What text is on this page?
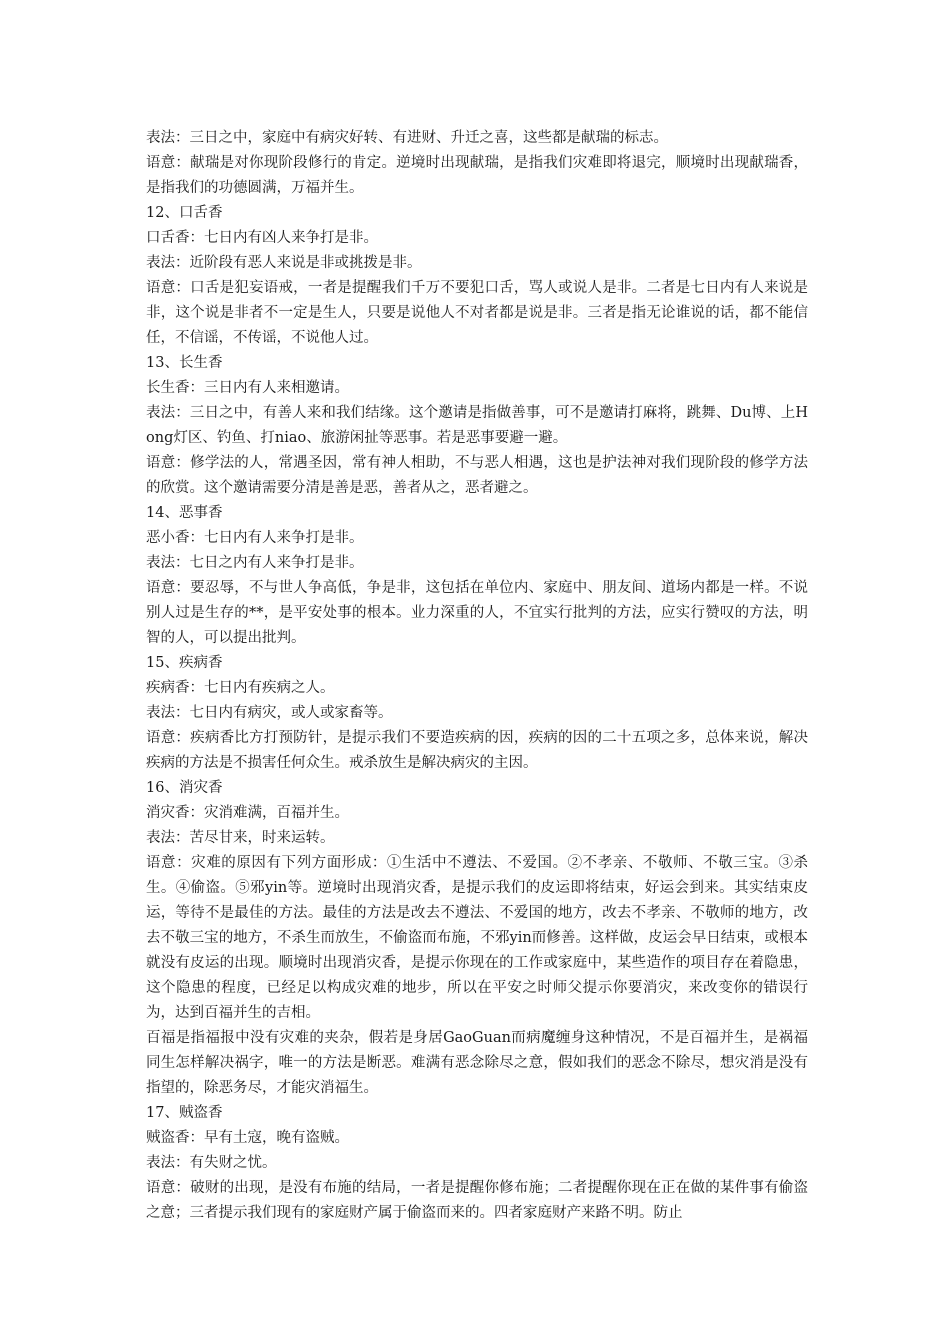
表法：三日之中，家庭中有病灾好转、有进财、升迁之喜，这些都是献瑞的标志。

语意：献瑞是对你现阶段修行的肯定。逆境时出现献瑞，是指我们灾难即将退完，顺境时出现献瑞香，是指我们的功德圆满，万福并生。

12、口舌香

口舌香：七日内有凶人来争打是非。

表法：近阶段有恶人来说是非或挑拨是非。

语意：口舌是犯妄语戒，一者是提醒我们千万不要犯口舌，骂人或说人是非。二者是七日内有人来说是非，这个说是非者不一定是生人，只要是说他人不对者都是说是非。三者是指无论谁说的话，都不能信任，不信谣，不传谣，不说他人过。

13、长生香

长生香：三日内有人来相邀请。

表法：三日之中，有善人来和我们结缘。这个邀请是指做善事，可不是邀请打麻将，跳舞、Du博、上Hong灯区、钓鱼、打niao、旅游闲扯等恶事。若是恶事要避一避。

语意：修学法的人，常遇圣因，常有神人相助，不与恶人相遇，这也是护法神对我们现阶段的修学方法的欣赏。这个邀请需要分清是善是恶，善者从之，恶者避之。

14、恶事香

恶小香：七日内有人来争打是非。

表法：七日之内有人来争打是非。

语意：要忍辱，不与世人争高低，争是非，这包括在单位内、家庭中、朋友间、道场内都是一样。不说别人过是生存的**，是平安处事的根本。业力深重的人，不宜实行批判的方法，应实行赞叹的方法，明智的人，可以提出批判。

15、疾病香

疾病香：七日内有疾病之人。

表法：七日内有病灾，或人或家畜等。

语意：疾病香比方打预防针，是提示我们不要造疾病的因，疾病的因的二十五项之多，总体来说，解决疾病的方法是不损害任何众生。戒杀放生是解决病灾的主因。

16、消灾香

消灾香：灾消难满，百福并生。

表法：苦尽甘来，时来运转。

语意：灾难的原因有下列方面形成：①生活中不遵法、不爱国。②不孝亲、不敬师、不敬三宝。③杀生。④偷盗。⑤邪yin等。逆境时出现消灾香，是提示我们的皮运即将结束，好运会到来。其实结束皮运，等待不是最佳的方法。最佳的方法是改去不遵法、不爱国的地方，改去不孝亲、不敬师的地方，改去不敬三宝的地方，不杀生而放生，不偷盗而布施，不邪yin而修善。这样做，皮运会早日结束，或根本就没有皮运的出现。顺境时出现消灾香，是提示你现在的工作或家庭中，某些造作的项目存在着隐患，这个隐患的程度，已经足以构成灾难的地步，所以在平安之时师父提示你要消灾，来改变你的错误行为，达到百福并生的吉相。

百福是指福报中没有灾难的夹杂，假若是身居GaoGuan而病魔缠身这种情况，不是百福并生，是祸福同生怎样解决祸字，唯一的方法是断恶。难满有恶念除尽之意，假如我们的恶念不除尽，想灾消是没有指望的，除恶务尽，才能灾消福生。

17、贼盗香

贼盗香：早有土寇，晚有盗贼。

表法：有失财之忧。

语意：破财的出现，是没有布施的结局，一者是提醒你修布施；二者提醒你现在正在做的某件事有偷盗之意；三者提示我们现有的家庭财产属于偷盗而来的。四者家庭财产来路不明。防止
